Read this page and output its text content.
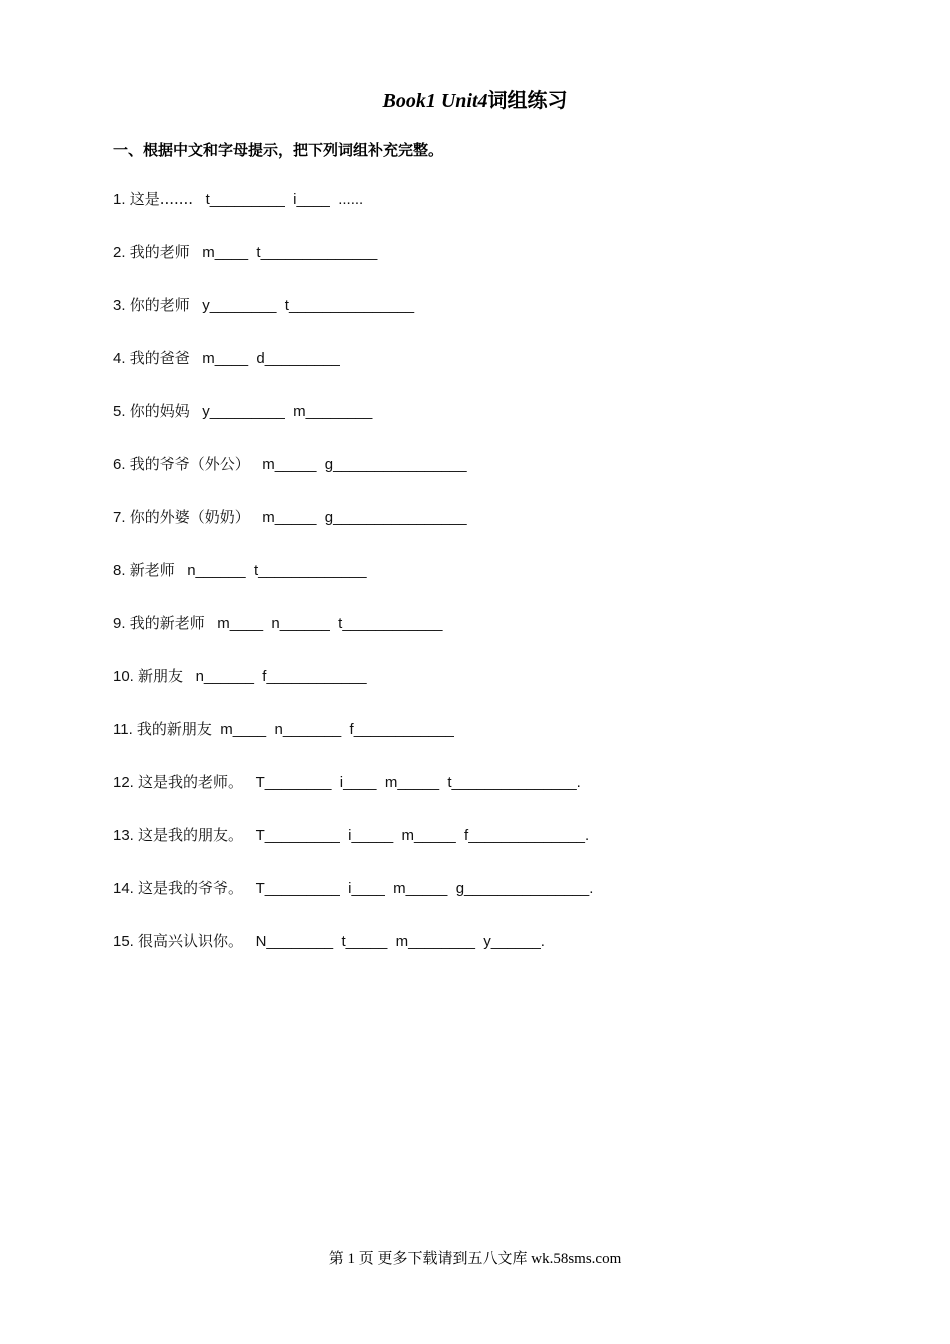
Book1 Unit4词组练习
一、根据中文和字母提示，把下列词组补充完整。
1. 这是....... t_________  i____  ......
2. 我的老师 m____  t______________
3. 你的老师 y________  t_______________
4. 我的爸爸 m____  d_________
5. 你的妈妈 y_________  m________
6. 我的爷爷（外公） m_____  g________________
7. 你的外婆（奶奶） m_____  g________________
8. 新老师 n______  t_____________
9. 我的新老师 m____  n______  t____________
10. 新朋友 n______  f____________
11. 我的新朋友 m____  n_______  f____________
12. 这是我的老师。 T________  i____  m_____  t_______________.
13. 这是我的朋友。 T_________  i_____  m_____  f______________.
14. 这是我的爷爷。 T_________  i____  m_____  g_______________.
15. 很高兴认识你。 N________  t_____  m________  y______.
第 1 页 更多下载请到五八文库 wk.58sms.com
